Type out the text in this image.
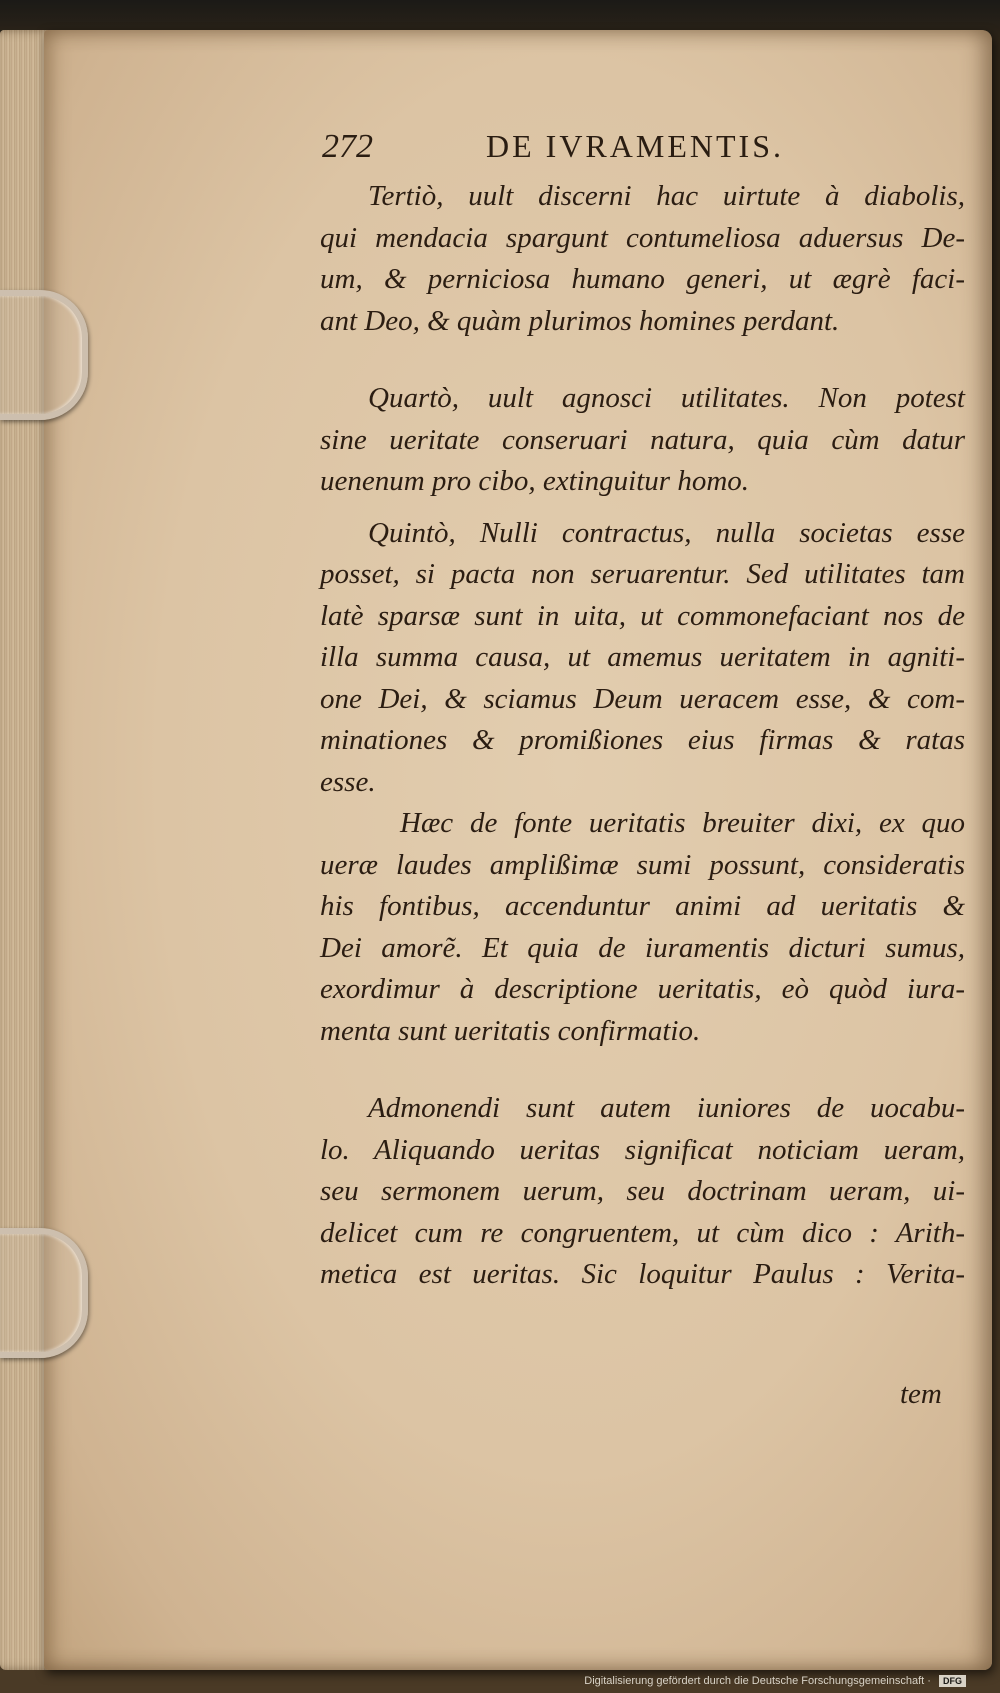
272	DE IVRAMENTIS.
Tertiò, uult discerni hac uirtute à diabolis,
qui mendacia spargunt contumeliosa aduersus De-
um, & perniciosa humano generi, ut ægrè faci-
ant Deo, & quàm plurimos homines perdant.
Quartò, uult agnosci utilitates. Non potest
sine ueritate conseruari natura, quia cùm datur
uenenum pro cibo, extinguitur homo.
Quintò, Nulli contractus, nulla societas esse
posset, si pacta non seruarentur. Sed utilitates tam
latè sparsæ sunt in uita, ut commonefaciant nos de
illa summa causa, ut amemus ueritatem in agniti-
one Dei, & sciamus Deum ueracem esse, & com-
minationes & promißiones eius firmas & ratas
esse.
Hæc de fonte ueritatis breuiter dixi, ex quo
ueræ laudes amplißimæ sumi possunt, consideratis
his fontibus, accenduntur animi ad ueritatis &
Dei amorẽ. Et quia de iuramentis dicturi sumus,
exordimur à descriptione ueritatis, eò quòd iura-
menta sunt ueritatis confirmatio.
Admonendi sunt autem iuniores de uocabu-
lo. Aliquando ueritas significat noticiam ueram,
seu sermonem uerum, seu doctrinam ueram, ui-
delicet cum re congruentem, ut cùm dico : Arith-
metica est ueritas. Sic loquitur Paulus : Verita-
tem
Digitalisierung gefördert durch die Deutsche Forschungsgemeinschaft · DFG
